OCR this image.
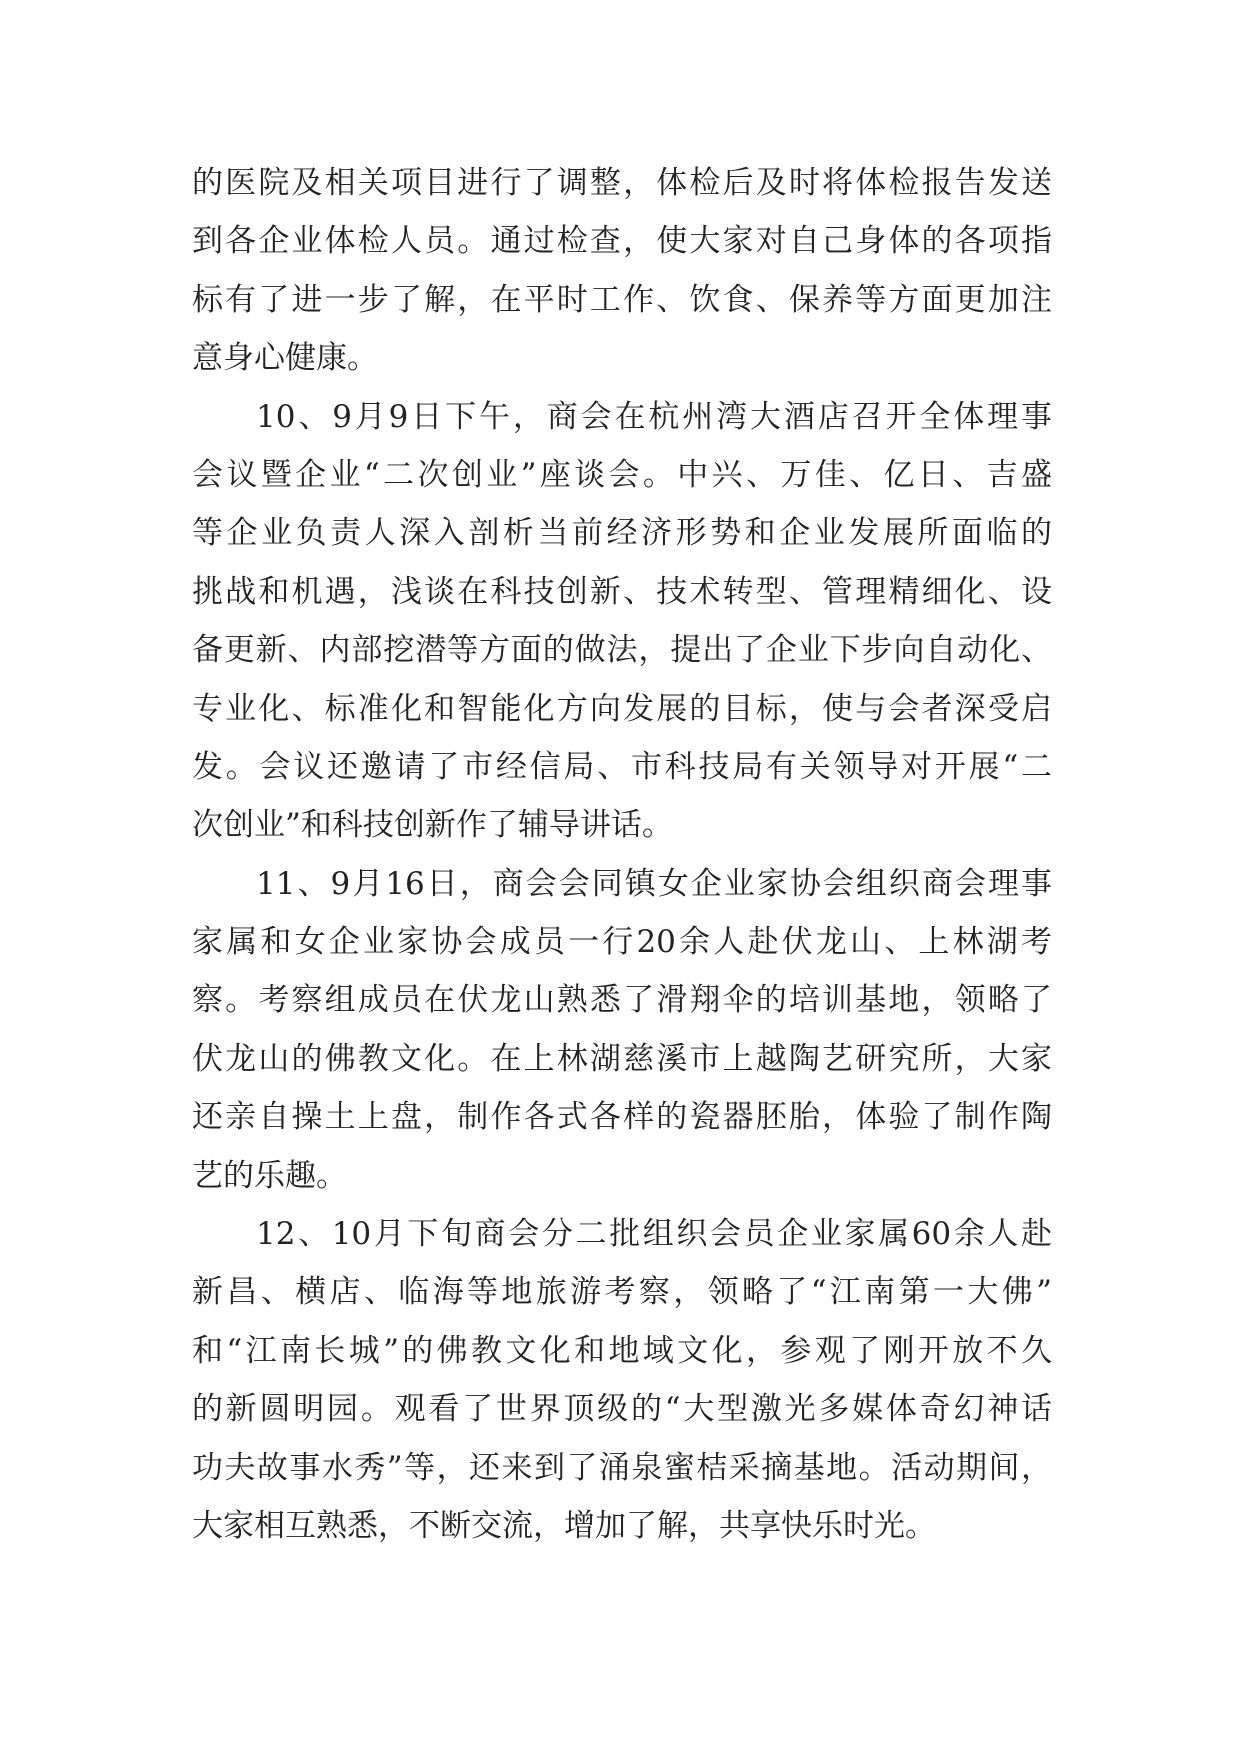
的医院及相关项目进行了调整，体检后及时将体检报告发送
到各企业体检人员。通过检查，使大家对自己身体的各项指
标有了进一步了解，在平时工作、饮食、保养等方面更加注
意身心健康。
10、9月9日下午，商会在杭州湾大酒店召开全体理事
会议暨企业“二次创业”座谈会。中兴、万佳、亿日、吉盛
等企业负责人深入剖析当前经济形势和企业发展所面临的
挑战和机遇，浅谈在科技创新、技术转型、管理精细化、设
备更新、内部挖潜等方面的做法，提出了企业下步向自动化、
专业化、标准化和智能化方向发展的目标，使与会者深受启
发。会议还邀请了市经信局、市科技局有关领导对开展“二
次创业”和科技创新作了辅导讲话。
11、9月16日，商会会同镇女企业家协会组织商会理事
家属和女企业家协会成员一行20余人赴伏龙山、上林湖考
察。考察组成员在伏龙山熟悉了滑翔伞的培训基地，领略了
伏龙山的佛教文化。在上林湖慈溪市上越陶艺研究所，大家
还亲自操土上盘，制作各式各样的瓷器胚胎，体验了制作陶
艺的乐趣。
12、10月下旬商会分二批组织会员企业家属60余人赴
新昌、横店、临海等地旅游考察，领略了“江南第一大佛”
和“江南长城”的佛教文化和地域文化，参观了刚开放不久
的新圆明园。观看了世界顶级的“大型激光多媒体奇幻神话
功夫故事水秀”等，还来到了涌泉蜜桔采摘基地。活动期间，
大家相互熟悉，不断交流，增加了解，共享快乐时光。
